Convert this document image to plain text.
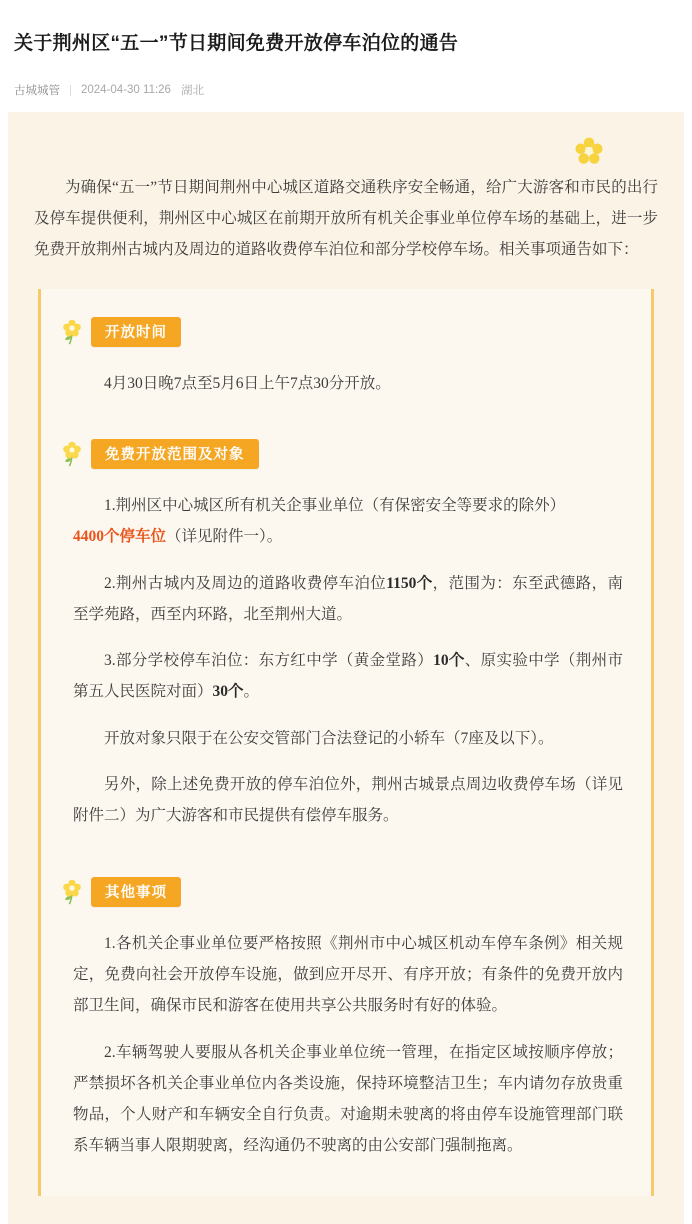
关于荆州区“五一”节日期间免费开放停车泊位的通告
古城城管 2024-04-30 11:26 湖北

为确保“五一”节日期间荆州中心城区道路交通秩序安全畅通，给广大游客和市民的出行及停车提供便利，荆州区中心城区在前期开放所有机关企事业单位停车场的基础上，进一步免费开放荆州古城内及周边的道路收费停车泊位和部分学校停车场。相关事项通告如下：

开放时间

4月30日晚7点至5月6日上午7点30分开放。

免费开放范围及对象

1.荆州区中心城区所有机关企事业单位（有保密安全等要求的除外）
4400个停车位（详见附件一）。

2.荆州古城内及周边的道路收费停车泊位1150个，范围为：东至武德路，南至学苑路，西至内环路，北至荆州大道。

3.部分学校停车泊位：东方红中学（黄金堂路）10个、原实验中学（荆州市第五人民医院对面）30个。

开放对象只限于在公安交管部门合法登记的小轿车（7座及以下）。

另外，除上述免费开放的停车泊位外，荆州古城景点周边收费停车场（详见附件二）为广大游客和市民提供有偿停车服务。

其他事项

1.各机关企事业单位要严格按照《荆州市中心城区机动车停车条例》相关规定，免费向社会开放停车设施，做到应开尽开、有序开放；有条件的免费开放内部卫生间，确保市民和游客在使用共享公共服务时有好的体验。

2.车辆驾驶人要服从各机关企事业单位统一管理，在指定区域按顺序停放；严禁损坏各机关企事业单位内各类设施，保持环境整洁卫生；车内请勿存放贵重物品，个人财产和车辆安全自行负责。对逾期未驶离的将由停车设施管理部门联系车辆当事人限期驶离，经沟通仍不驶离的由公安部门强制拖离。
